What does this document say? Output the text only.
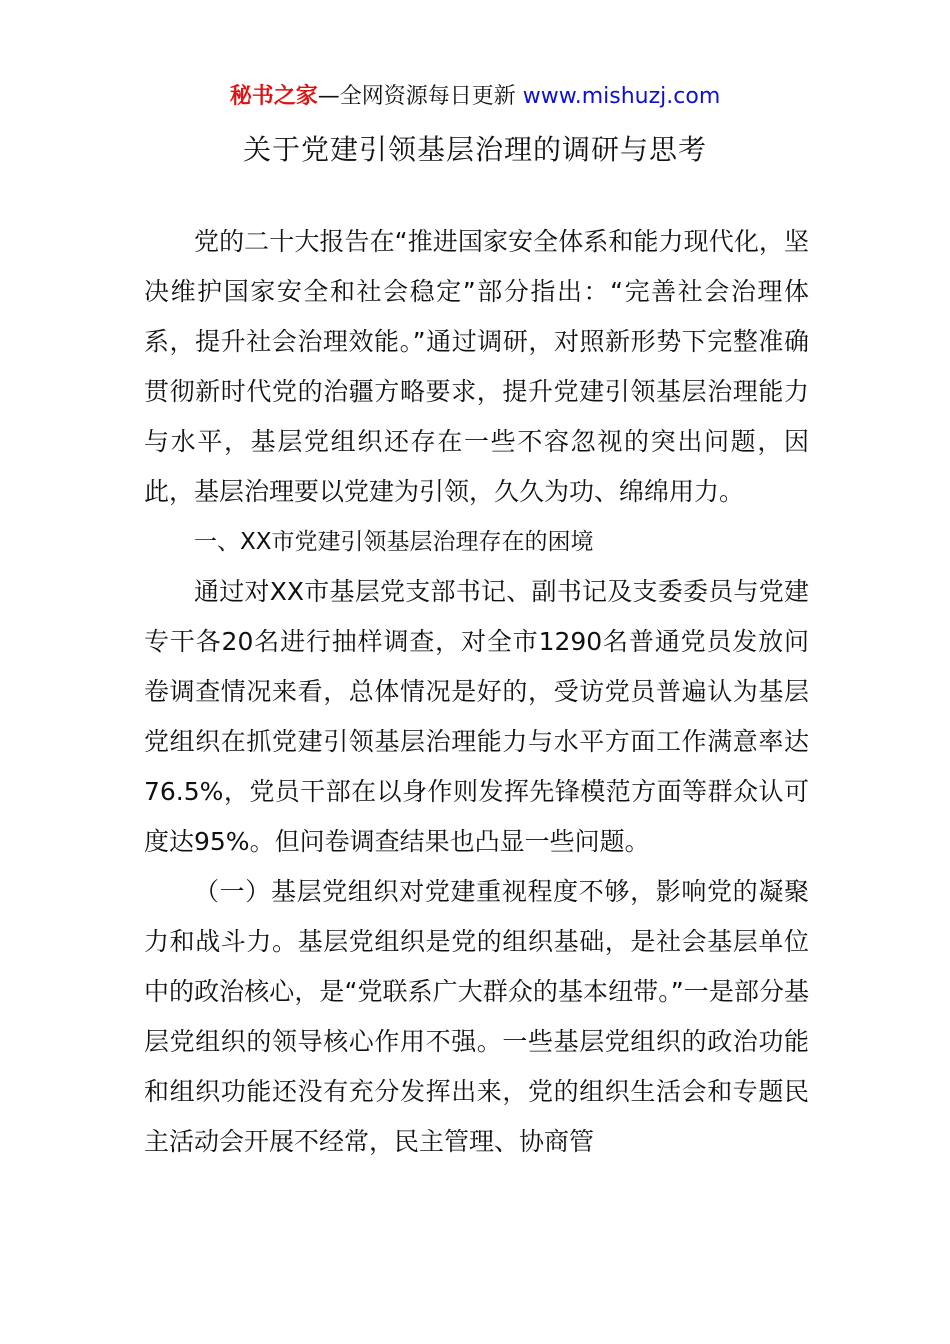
秘书之家—全网资源每日更新 www.mishuzj.com
关于党建引领基层治理的调研与思考

党的二十大报告在“推进国家安全体系和能力现代化，坚决维护国家安全和社会稳定”部分指出：“完善社会治理体系，提升社会治理效能。”通过调研，对照新形势下完整准确贯彻新时代党的治疆方略要求，提升党建引领基层治理能力与水平，基层党组织还存在一些不容忽视的突出问题，因此，基层治理要以党建为引领，久久为功、绵绵用力。

一、XX市党建引领基层治理存在的困境

通过对XX市基层党支部书记、副书记及支委委员与党建专干各20名进行抽样调查，对全市1290名普通党员发放问卷调查情况来看，总体情况是好的，受访党员普遍认为基层党组织在抓党建引领基层治理能力与水平方面工作满意率达76.5%，党员干部在以身作则发挥先锋模范方面等群众认可度达95%。但问卷调查结果也凸显一些问题。

（一）基层党组织对党建重视程度不够，影响党的凝聚力和战斗力。基层党组织是党的组织基础，是社会基层单位中的政治核心，是“党联系广大群众的基本纽带。”一是部分基层党组织的领导核心作用不强。一些基层党组织的政治功能和组织功能还没有充分发挥出来，党的组织生活会和专题民主活动会开展不经常，民主管理、协商管
